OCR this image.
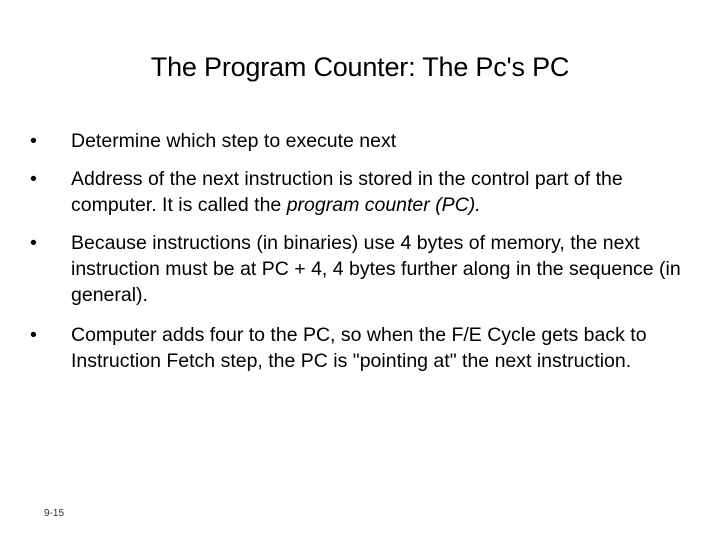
The Program Counter: The Pc's PC
•	Determine which step to execute next
•	Address of the next instruction is stored in the control part of the computer. It is called the program counter (PC).
•	Because instructions (in binaries) use 4 bytes of memory, the next instruction must be at PC + 4, 4 bytes further along in the sequence (in general).
•	Computer adds four to the PC, so when the F/E Cycle gets back to Instruction Fetch step, the PC is "pointing at" the next instruction.
9-15
